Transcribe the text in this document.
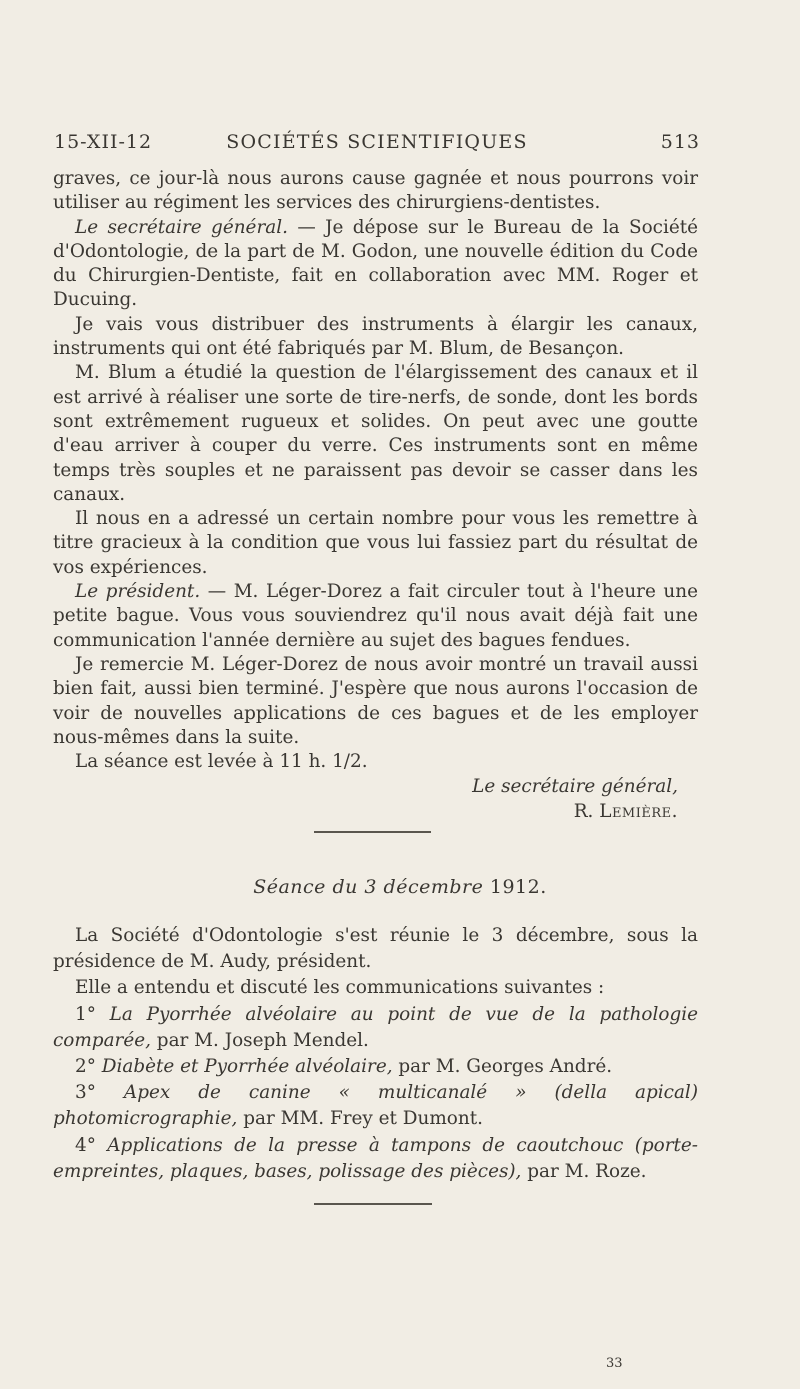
15-XII-12	SOCIÉTÉS SCIENTIFIQUES	513

graves, ce jour-là nous aurons cause gagnée et nous pourrons voir utiliser au régiment les services des chirurgiens-dentistes.

Le secrétaire général. — Je dépose sur le Bureau de la Société d'Odontologie, de la part de M. Godon, une nouvelle édition du Code du Chirurgien-Dentiste, fait en collaboration avec MM. Roger et Ducuing.

Je vais vous distribuer des instruments à élargir les canaux, instruments qui ont été fabriqués par M. Blum, de Besançon.

M. Blum a étudié la question de l'élargissement des canaux et il est arrivé à réaliser une sorte de tire-nerfs, de sonde, dont les bords sont extrêmement rugueux et solides. On peut avec une goutte d'eau arriver à couper du verre. Ces instruments sont en même temps très souples et ne paraissent pas devoir se casser dans les canaux.

Il nous en a adressé un certain nombre pour vous les remettre à titre gracieux à la condition que vous lui fassiez part du résultat de vos expériences.

Le président. — M. Léger-Dorez a fait circuler tout à l'heure une petite bague. Vous vous souviendrez qu'il nous avait déjà fait une communication l'année dernière au sujet des bagues fendues.

Je remercie M. Léger-Dorez de nous avoir montré un travail aussi bien fait, aussi bien terminé. J'espère que nous aurons l'occasion de voir de nouvelles applications de ces bagues et de les employer nous-mêmes dans la suite.

La séance est levée à 11 h. 1/2.

Le secrétaire général,
R. Lemière.
Séance du 3 décembre 1912.

La Société d'Odontologie s'est réunie le 3 décembre, sous la présidence de M. Audy, président.

Elle a entendu et discuté les communications suivantes :

1° La Pyorrhée alvéolaire au point de vue de la pathologie comparée, par M. Joseph Mendel.

2° Diabète et Pyorrhée alvéolaire, par M. Georges André.

3° Apex de canine « multicanalé » (della apical) photomicrographie, par MM. Frey et Dumont.

4° Applications de la presse à tampons de caoutchouc (porte-empreintes, plaques, bases, polissage des pièces), par M. Roze.

33
